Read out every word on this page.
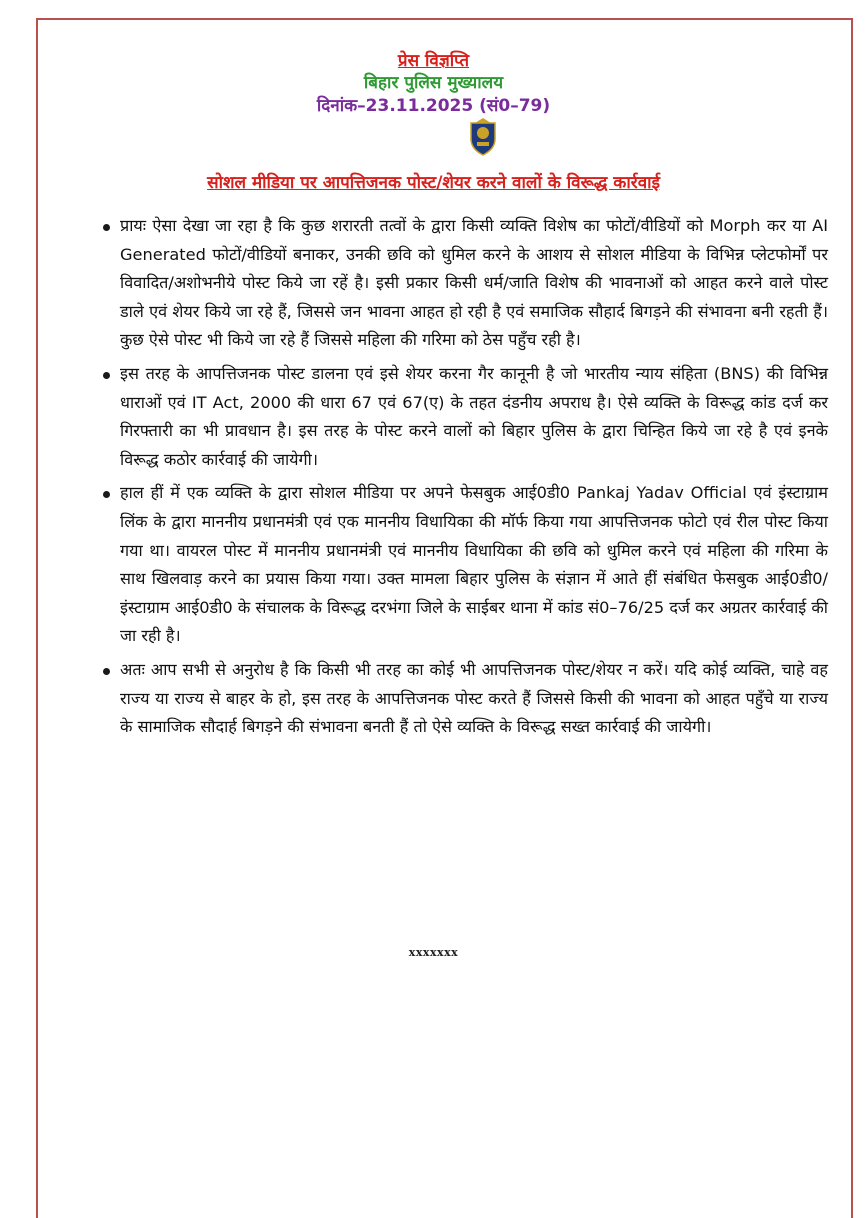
प्रेस विज्ञप्ति
बिहार पुलिस मुख्यालय
दिनांक–23.11.2025 (सं0–79)
सोशल मीडिया पर आपत्तिजनक पोस्ट/शेयर करने वालों के विरूद्ध कार्रवाई
प्रायः ऐसा देखा जा रहा है कि कुछ शरारती तत्वों के द्वारा किसी व्यक्ति विशेष का फोटों/वीडियों को Morph कर या AI Generated फोटों/वीडियों बनाकर, उनकी छवि को धुमिल करने के आशय से सोशल मीडिया के विभिन्न प्लेटफोर्मों पर विवादित/अशोभनीये पोस्ट किये जा रहें है। इसी प्रकार किसी धर्म/जाति विशेष की भावनाओं को आहत करने वाले पोस्ट डाले एवं शेयर किये जा रहे हैं, जिससे जन भावना आहत हो रही है एवं समाजिक सौहार्द बिगड़ने की संभावना बनी रहती हैं। कुछ ऐसे पोस्ट भी किये जा रहे हैं जिससे महिला की गरिमा को ठेस पहुँच रही है।
इस तरह के आपत्तिजनक पोस्ट डालना एवं इसे शेयर करना गैर कानूनी है जो भारतीय न्याय संहिता (BNS) की विभिन्न धाराओं एवं IT Act, 2000 की धारा 67 एवं 67(ए) के तहत दंडनीय अपराध है। ऐसे व्यक्ति के विरूद्ध कांड दर्ज कर गिरफ्तारी का भी प्रावधान है। इस तरह के पोस्ट करने वालों को बिहार पुलिस के द्वारा चिन्हित किये जा रहे है एवं इनके विरूद्ध कठोर कार्रवाई की जायेगी।
हाल हीं में एक व्यक्ति के द्वारा सोशल मीडिया पर अपने फेसबुक आई0डी0 Pankaj Yadav Official एवं इंस्टाग्राम लिंक के द्वारा माननीय प्रधानमंत्री एवं एक माननीय विधायिका की मॉर्फ किया गया आपत्तिजनक फोटो एवं रील पोस्ट किया गया था। वायरल पोस्ट में माननीय प्रधानमंत्री एवं माननीय विधायिका की छवि को धुमिल करने एवं महिला की गरिमा के साथ खिलवाड़ करने का प्रयास किया गया। उक्त मामला बिहार पुलिस के संज्ञान में आते हीं संबंधित फेसबुक आई0डी0/इंस्टाग्राम आई0डी0 के संचालक के विरूद्ध दरभंगा जिले के साईबर थाना में कांड सं0–76/25 दर्ज कर अग्रतर कार्रवाई की जा रही है।
अतः आप सभी से अनुरोध है कि किसी भी तरह का कोई भी आपत्तिजनक पोस्ट/शेयर न करें। यदि कोई व्यक्ति, चाहे वह राज्य या राज्य से बाहर के हो, इस तरह के आपत्तिजनक पोस्ट करते हैं जिससे किसी की भावना को आहत पहुँचे या राज्य के सामाजिक सौदार्ह बिगड़ने की संभावना बनती हैं तो ऐसे व्यक्ति के विरूद्ध सख्त कार्रवाई की जायेगी।
xxxxxxx
